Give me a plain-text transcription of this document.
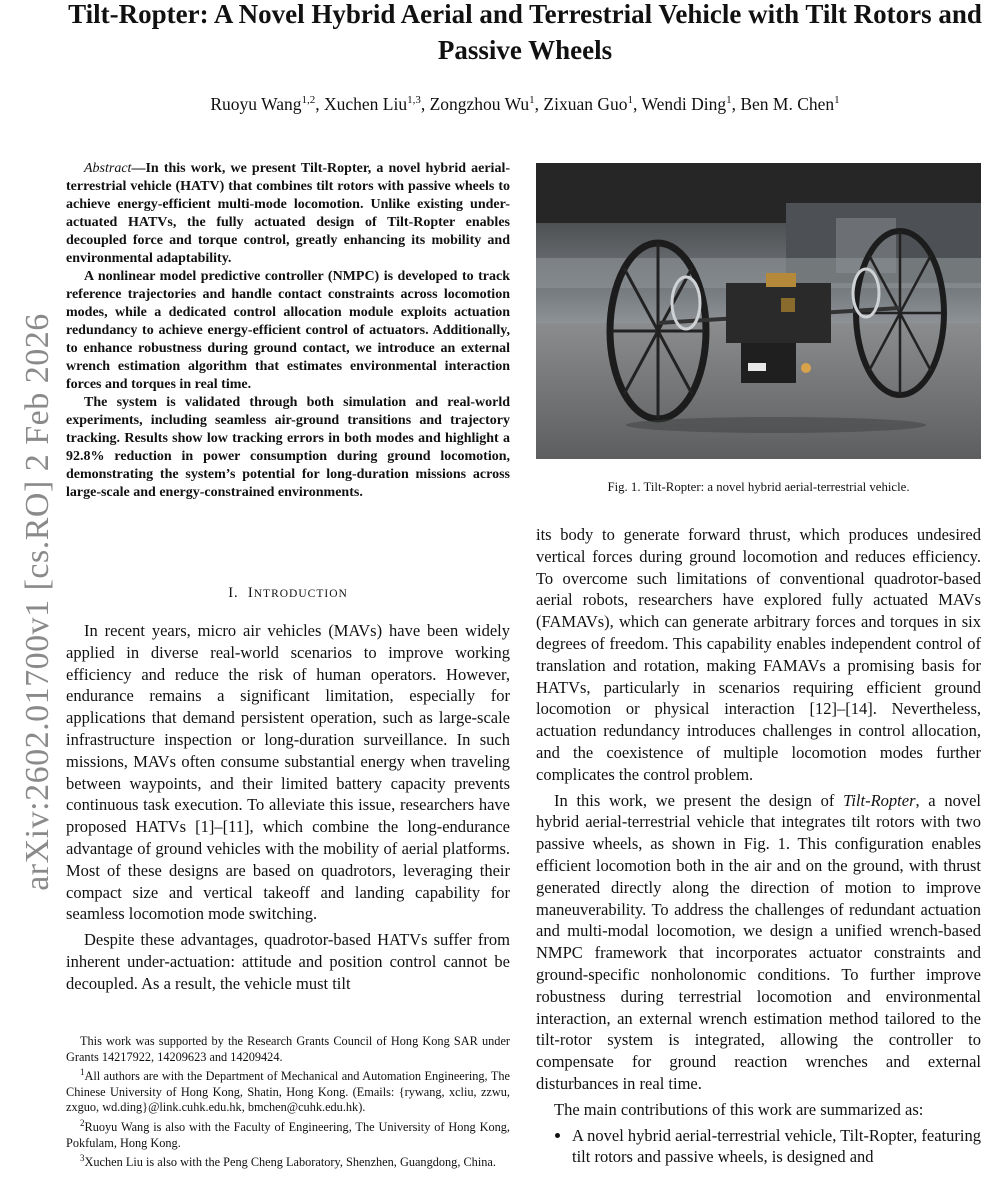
arXiv:2602.01700v1 [cs.RO] 2 Feb 2026
Tilt-Ropter: A Novel Hybrid Aerial and Terrestrial Vehicle with Tilt Rotors and Passive Wheels
Ruoyu Wang$^{1,2}$, Xuchen Liu$^{1,3}$, Zongzhou Wu$^1$, Zixuan Guo$^1$, Wendi Ding$^1$, Ben M. Chen$^1$

Abstract—In this work, we present Tilt-Ropter, a novel hybrid aerial-terrestrial vehicle (HATV) that combines tilt rotors with passive wheels to achieve energy-efficient multi-mode locomotion. Unlike existing under-actuated HATVs, the fully actuated design of Tilt-Ropter enables decoupled force and torque control, greatly enhancing its mobility and environmental adaptability.

A nonlinear model predictive controller (NMPC) is developed to track reference trajectories and handle contact constraints across locomotion modes, while a dedicated control allocation module exploits actuation redundancy to achieve energy-efficient control of actuators. Additionally, to enhance robustness during ground contact, we introduce an external wrench estimation algorithm that estimates environmental interaction forces and torques in real time.

The system is validated through both simulation and real-world experiments, including seamless air-ground transitions and trajectory tracking. Results show low tracking errors in both modes and highlight a 92.8% reduction in power consumption during ground locomotion, demonstrating the system’s potential for long-duration missions across large-scale and energy-constrained environments.

I. INTRODUCTION

In recent years, micro air vehicles (MAVs) have been widely applied in diverse real-world scenarios to improve working efficiency and reduce the risk of human operators. However, endurance remains a significant limitation, especially for applications that demand persistent operation, such as large-scale infrastructure inspection or long-duration surveillance. In such missions, MAVs often consume substantial energy when traveling between waypoints, and their limited battery capacity prevents continuous task execution. To alleviate this issue, researchers have proposed HATVs [1]–[11], which combine the long-endurance advantage of ground vehicles with the mobility of aerial platforms. Most of these designs are based on quadrotors, leveraging their compact size and vertical takeoff and landing capability for seamless locomotion mode switching.

Despite these advantages, quadrotor-based HATVs suffer from inherent under-actuation: attitude and position control cannot be decoupled. As a result, the vehicle must tilt

This work was supported by the Research Grants Council of Hong Kong SAR under Grants 14217922, 14209623 and 14209424.

$^1$All authors are with the Department of Mechanical and Automation Engineering, The Chinese University of Hong Kong, Shatin, Hong Kong. (Emails: {rywang, xcliu, zzwu, zxguo, wd.ding}@link.cuhk.edu.hk, bmchen@cuhk.edu.hk).

$^2$Ruoyu Wang is also with the Faculty of Engineering, The University of Hong Kong, Pokfulam, Hong Kong.

$^3$Xuchen Liu is also with the Peng Cheng Laboratory, Shenzhen, Guangdong, China.

Fig. 1. Tilt-Ropter: a novel hybrid aerial-terrestrial vehicle.

its body to generate forward thrust, which produces undesired vertical forces during ground locomotion and reduces efficiency. To overcome such limitations of conventional quadrotor-based aerial robots, researchers have explored fully actuated MAVs (FAMAVs), which can generate arbitrary forces and torques in six degrees of freedom. This capability enables independent control of translation and rotation, making FAMAVs a promising basis for HATVs, particularly in scenarios requiring efficient ground locomotion or physical interaction [12]–[14]. Nevertheless, actuation redundancy introduces challenges in control allocation, and the coexistence of multiple locomotion modes further complicates the control problem.

In this work, we present the design of Tilt-Ropter, a novel hybrid aerial-terrestrial vehicle that integrates tilt rotors with two passive wheels, as shown in Fig. 1. This configuration enables efficient locomotion both in the air and on the ground, with thrust generated directly along the direction of motion to improve maneuverability. To address the challenges of redundant actuation and multi-modal locomotion, we design a unified wrench-based NMPC framework that incorporates actuator constraints and ground-specific nonholonomic conditions. To further improve robustness during terrestrial locomotion and environmental interaction, an external wrench estimation method tailored to the tilt-rotor system is integrated, allowing the controller to compensate for ground reaction wrenches and external disturbances in real time.

The main contributions of this work are summarized as:

• A novel hybrid aerial-terrestrial vehicle, Tilt-Ropter, featuring tilt rotors and passive wheels, is designed and
